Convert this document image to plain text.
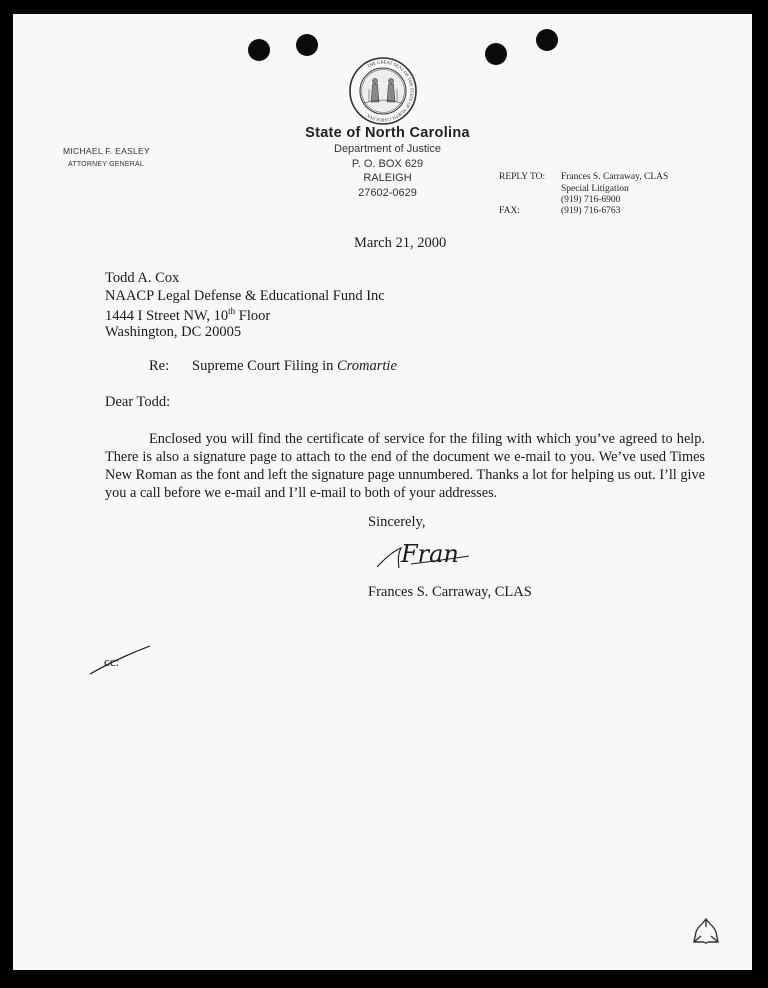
THE GREAT SEAL OF THE STATE OF NORTH CAROLINA
State of North Carolina
Department of Justice
P. O. BOX 629
RALEIGH
27602-0629
MICHAEL F. EASLEY
ATTORNEY GENERAL
REPLY TO: Frances S. Carraway, CLAS
Special Litigation
(919) 716-6900
FAX:	(919) 716-6763
March 21, 2000
Todd A. Cox
NAACP Legal Defense & Educational Fund Inc
1444 I Street NW, 10th Floor
Washington, DC 20005
Re: Supreme Court Filing in Cromartie
Dear Todd:

Enclosed you will find the certificate of service for the filing with which you’ve agreed to help. There is also a signature page to attach to the end of the document we e-mail to you. We’ve used Times New Roman as the font and left the signature page unnumbered. Thanks a lot for helping us out. I’ll give you a call before we e-mail and I’ll e-mail to both of your addresses.

Sincerely,
Fran
Frances S. Carraway, CLAS
cc:
